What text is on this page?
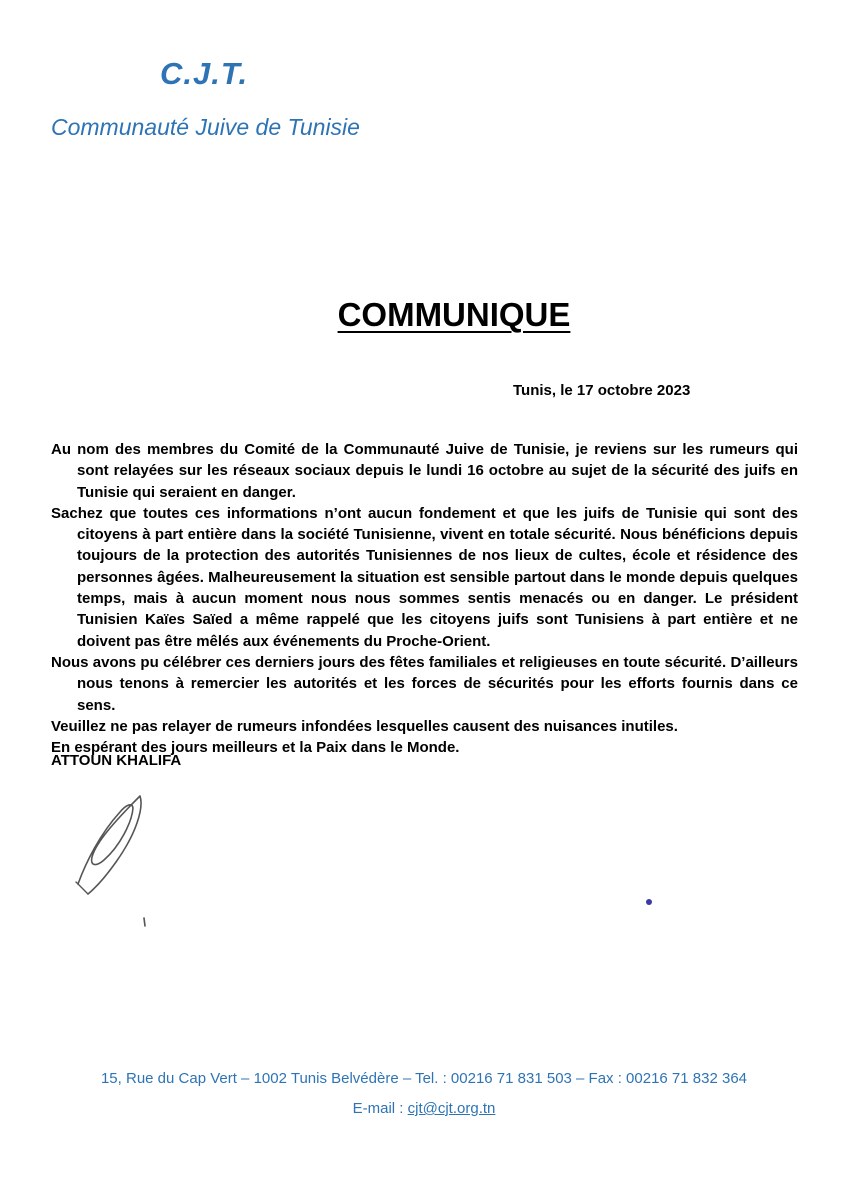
C.J.T.
Communauté Juive de Tunisie
COMMUNIQUE
Tunis, le 17 octobre 2023

Au nom des membres du Comité de la Communauté Juive de Tunisie, je reviens sur les rumeurs qui sont relayées sur les réseaux sociaux depuis le lundi 16 octobre au sujet de la sécurité des juifs en Tunisie qui seraient en danger.

Sachez que toutes ces informations n’ont aucun fondement et que les juifs de Tunisie qui sont des citoyens à part entière dans la société Tunisienne, vivent en totale sécurité. Nous bénéficions depuis toujours de la protection des autorités Tunisiennes de nos lieux de cultes, école et résidence des personnes âgées. Malheureusement la situation est sensible partout dans le monde depuis quelques temps, mais à aucun moment nous nous sommes sentis menacés ou en danger. Le président Tunisien Kaïes Saïed a même rappelé que les citoyens juifs sont Tunisiens à part entière et ne doivent pas être mêlés aux événements du Proche-Orient.

Nous avons pu célébrer ces derniers jours des fêtes familiales et religieuses en toute sécurité. D’ailleurs nous tenons à remercier les autorités et les forces de sécurités pour les efforts fournis dans ce sens.

Veuillez ne pas relayer de rumeurs infondées lesquelles causent des nuisances inutiles.

En espérant des jours meilleurs et la Paix dans le Monde.

ATTOUN KHALIFA
15, Rue du Cap Vert – 1002 Tunis Belvédère – Tel. : 00216 71 831 503 – Fax : 00216 71 832 364
E-mail : cjt@cjt.org.tn
